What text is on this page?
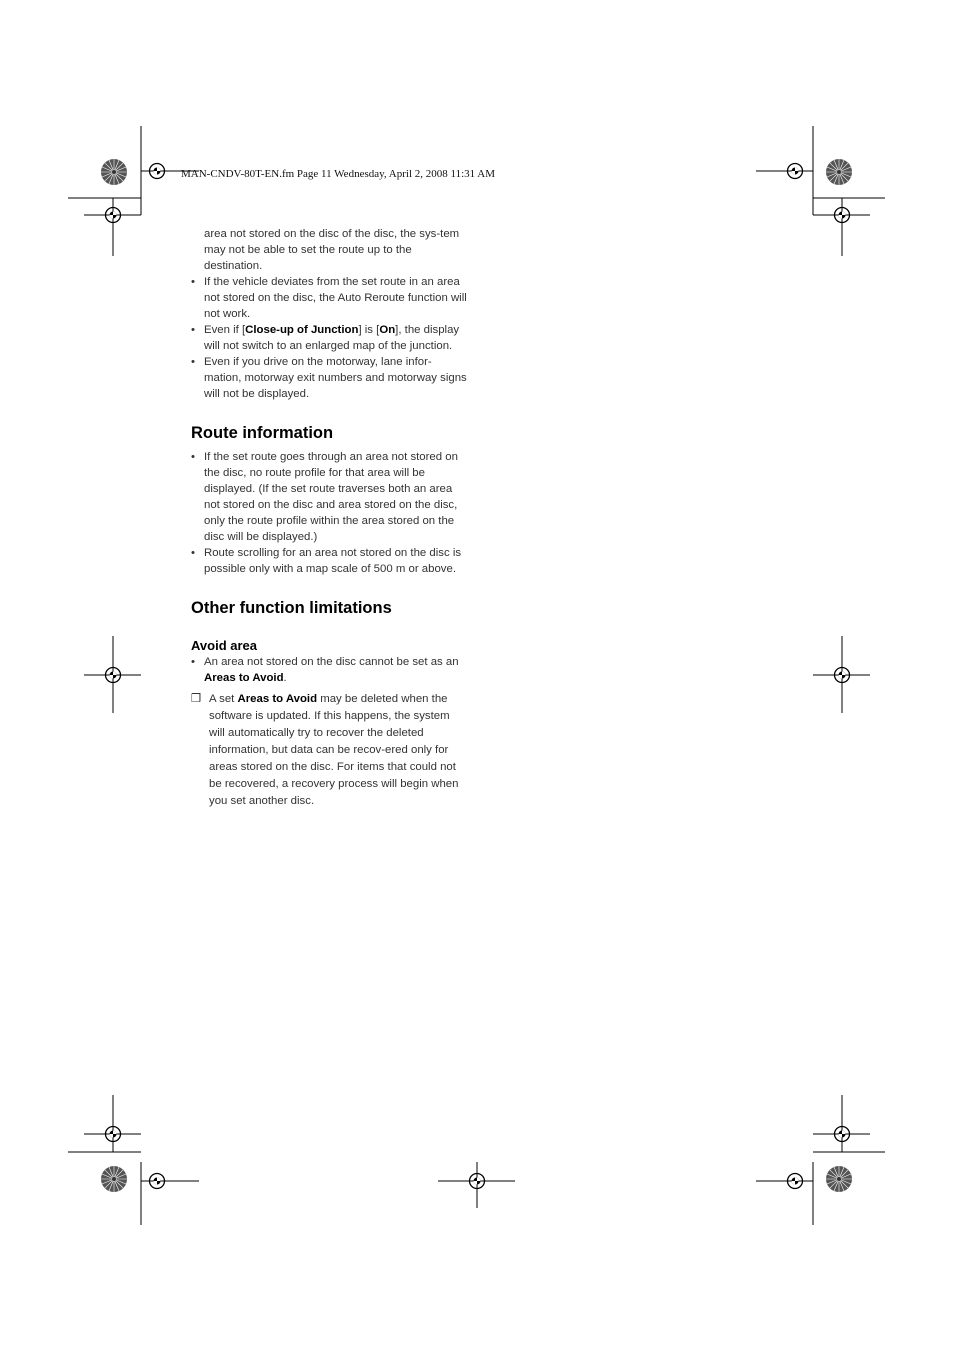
MAN-CNDV-80T-EN.fm Page 11 Wednesday, April 2, 2008 11:31 AM
area not stored on the disc of the disc, the sys-tem may not be able to set the route up to the destination.
• If the vehicle deviates from the set route in an area not stored on the disc, the Auto Reroute function will not work.
• Even if [Close-up of Junction] is [On], the display will not switch to an enlarged map of the junction.
• Even if you drive on the motorway, lane infor-mation, motorway exit numbers and motorway signs will not be displayed.
Route information
• If the set route goes through an area not stored on the disc, no route profile for that area will be displayed. (If the set route traverses both an area not stored on the disc and area stored on the disc, only the route profile within the area stored on the disc will be displayed.)
• Route scrolling for an area not stored on the disc is possible only with a map scale of 500 m or above.
Other function limitations
Avoid area
• An area not stored on the disc cannot be set as an Areas to Avoid.
❒ A set Areas to Avoid may be deleted when the software is updated. If this happens, the system will automatically try to recover the deleted information, but data can be recov-ered only for areas stored on the disc. For items that could not be recovered, a recovery process will begin when you set another disc.
